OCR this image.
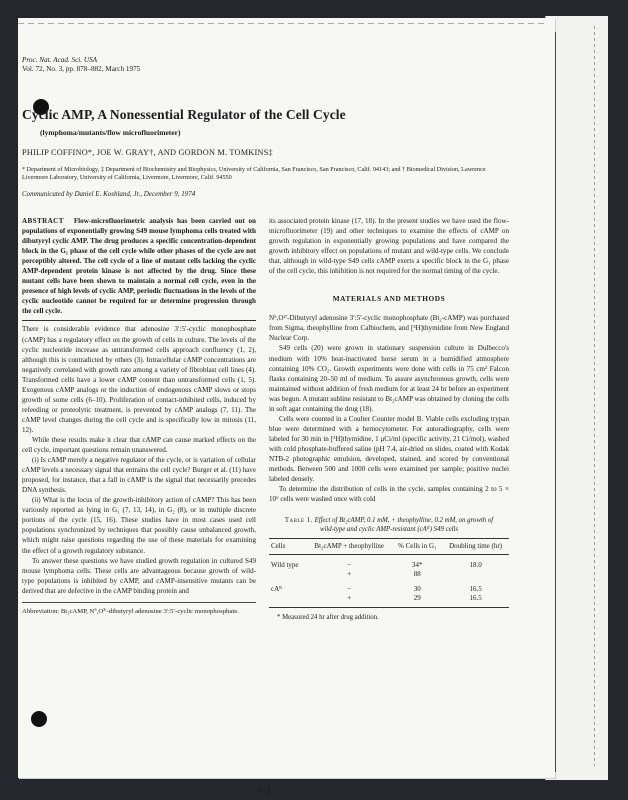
Proc. Nat. Acad. Sci. USA
Vol. 72, No. 3, pp. 878–882, March 1975
Cyclic AMP, A Nonessential Regulator of the Cell Cycle
(lymphoma/mutants/flow microfluorimeter)
PHILIP COFFINO*, JOE W. GRAY†, AND GORDON M. TOMKINS‡
* Department of Microbiology, ‡ Department of Biochemistry and Biophysics, University of California, San Francisco, San Francisco, Calif. 94143; and † Biomedical Division, Lawrence Livermore Laboratory, University of California, Livermore, Livermore, Calif. 94550
Communicated by Daniel E. Koshland, Jr., December 9, 1974
ABSTRACT Flow-microfluorimetric analysis has been carried out on populations of exponentially growing S49 mouse lymphoma cells treated with dibutyryl cyclic AMP. The drug produces a specific concentration-dependent block in the G₁ phase of the cell cycle while other phases of the cycle are not perceptibly altered. The cell cycle of a line of mutant cells lacking the cyclic AMP-dependent protein kinase is not affected by the drug. Since these mutant cells have been shown to maintain a normal cell cycle, even in the presence of high levels of cyclic AMP, periodic fluctuations in the levels of the cyclic nucleotide cannot be required for or determine progression through the cell cycle.

There is considerable evidence that adenosine 3′:5′-cyclic monophosphate (cAMP) has a regulatory effect on the growth of cells in culture. The levels of the cyclic nucleotide increase as untransformed cells approach confluency (1, 2), although this is contradicted by others (3). Intracellular cAMP concentrations are negatively correlated with growth rate among a variety of fibroblast cell lines (4). Transformed cells have a lower cAMP content than untransformed cells (1, 5). Exogenous cAMP analogs or the induction of endogenous cAMP slows or stops growth of some cells (6–10). Proliferation of contact-inhibited cells, induced by refeeding or proteolytic treatment, is prevented by cAMP analogs (7, 11). The cAMP level changes during the cell cycle and is specifically low in mitosis (11, 12).

While these results make it clear that cAMP can cause marked effects on the cell cycle, important questions remain unanswered.

(i) Is cAMP merely a negative regulator of the cycle, or is variation of cellular cAMP levels a necessary signal that entrains the cell cycle? Burger et al. (11) have proposed, for instance, that a fall in cAMP is the signal that necessarily precedes DNA synthesis.

(ii) What is the locus of the growth-inhibitory action of cAMP? This has been variously reported as lying in G₁ (7, 13, 14), in G₂ (8), or in multiple discrete portions of the cycle (15, 16). These studies have in most cases used cell populations synchronized by techniques that possibly cause unbalanced growth, which might raise questions regarding the use of these materials for examining the effect of a growth regulatory substance.

To answer these questions we have studied growth regulation in cultured S49 mouse lymphoma cells. These cells are advantageous because growth of wild-type populations is inhibited by cAMP, and cAMP-insensitive mutants can be derived that are defective in the cAMP binding protein and

Abbreviation: Bt₂cAMP, N⁶,O²′-dibutyryl adenosine 3′:5′-cyclic monophosphate.

its associated protein kinase (17, 18). In the present studies we have used the flow-microfluorimeter (19) and other techniques to examine the effects of cAMP on growth regulation in exponentially growing populations and have compared the growth inhibitory effect on populations of mutant and wild-type cells. We conclude that, although in wild-type S49 cells cAMP exerts a specific block in the G₁ phase of the cell cycle, this inhibition is not required for the normal timing of the cycle.

MATERIALS AND METHODS

N⁶,O²′-Dibutyryl adenosine 3′:5′-cyclic monophosphate (Bt₂-cAMP) was purchased from Sigma, theophylline from Calbiochem, and [³H]thymidine from New England Nuclear Corp.

S49 cells (20) were grown in stationary suspension culture in Dulbecco's medium with 10% heat-inactivated horse serum in a humidified atmosphere containing 10% CO₂. Growth experiments were done with cells in 75 cm² Falcon flasks containing 20–50 ml of medium. To assure asynchronous growth, cells were maintained without addition of fresh medium for at least 24 hr before an experiment was begun. A mutant subline resistant to Bt₂cAMP was obtained by cloning the cells in soft agar containing the drug (18).

Cells were counted in a Coulter Counter model B. Viable cells excluding trypan blue were determined with a hemocytometer. For autoradiography, cells were labeled for 30 min in [³H]thymidine, 1 μCi/ml (specific activity, 21 Ci/mol), washed with cold phosphate-buffered saline (pH 7.4, air-dried on slides, coated with Kodak NTB-2 photographic emulsion, developed, stained, and scored by conventional methods. Between 500 and 1000 cells were examined per sample; positive nuclei labeled densely.

To determine the distribution of cells in the cycle, samples containing 2 to 5 × 10⁶ cells were washed once with cold

Table 1. Effect of Bt₂cAMP, 0.1 mM, + theophylline, 0.2 mM, on growth of wild-type and cyclic AMP-resistant (cAᴿ) S49 cells
Cells	Bt₂cAMP + theophylline	% Cells in G₁	Doubling time (hr)
Wild type	−	34*	18.0
	+	88	
cAᴿ	−	30	16.5
	+	29	16.5
* Measured 24 hr after drug addition.
878
